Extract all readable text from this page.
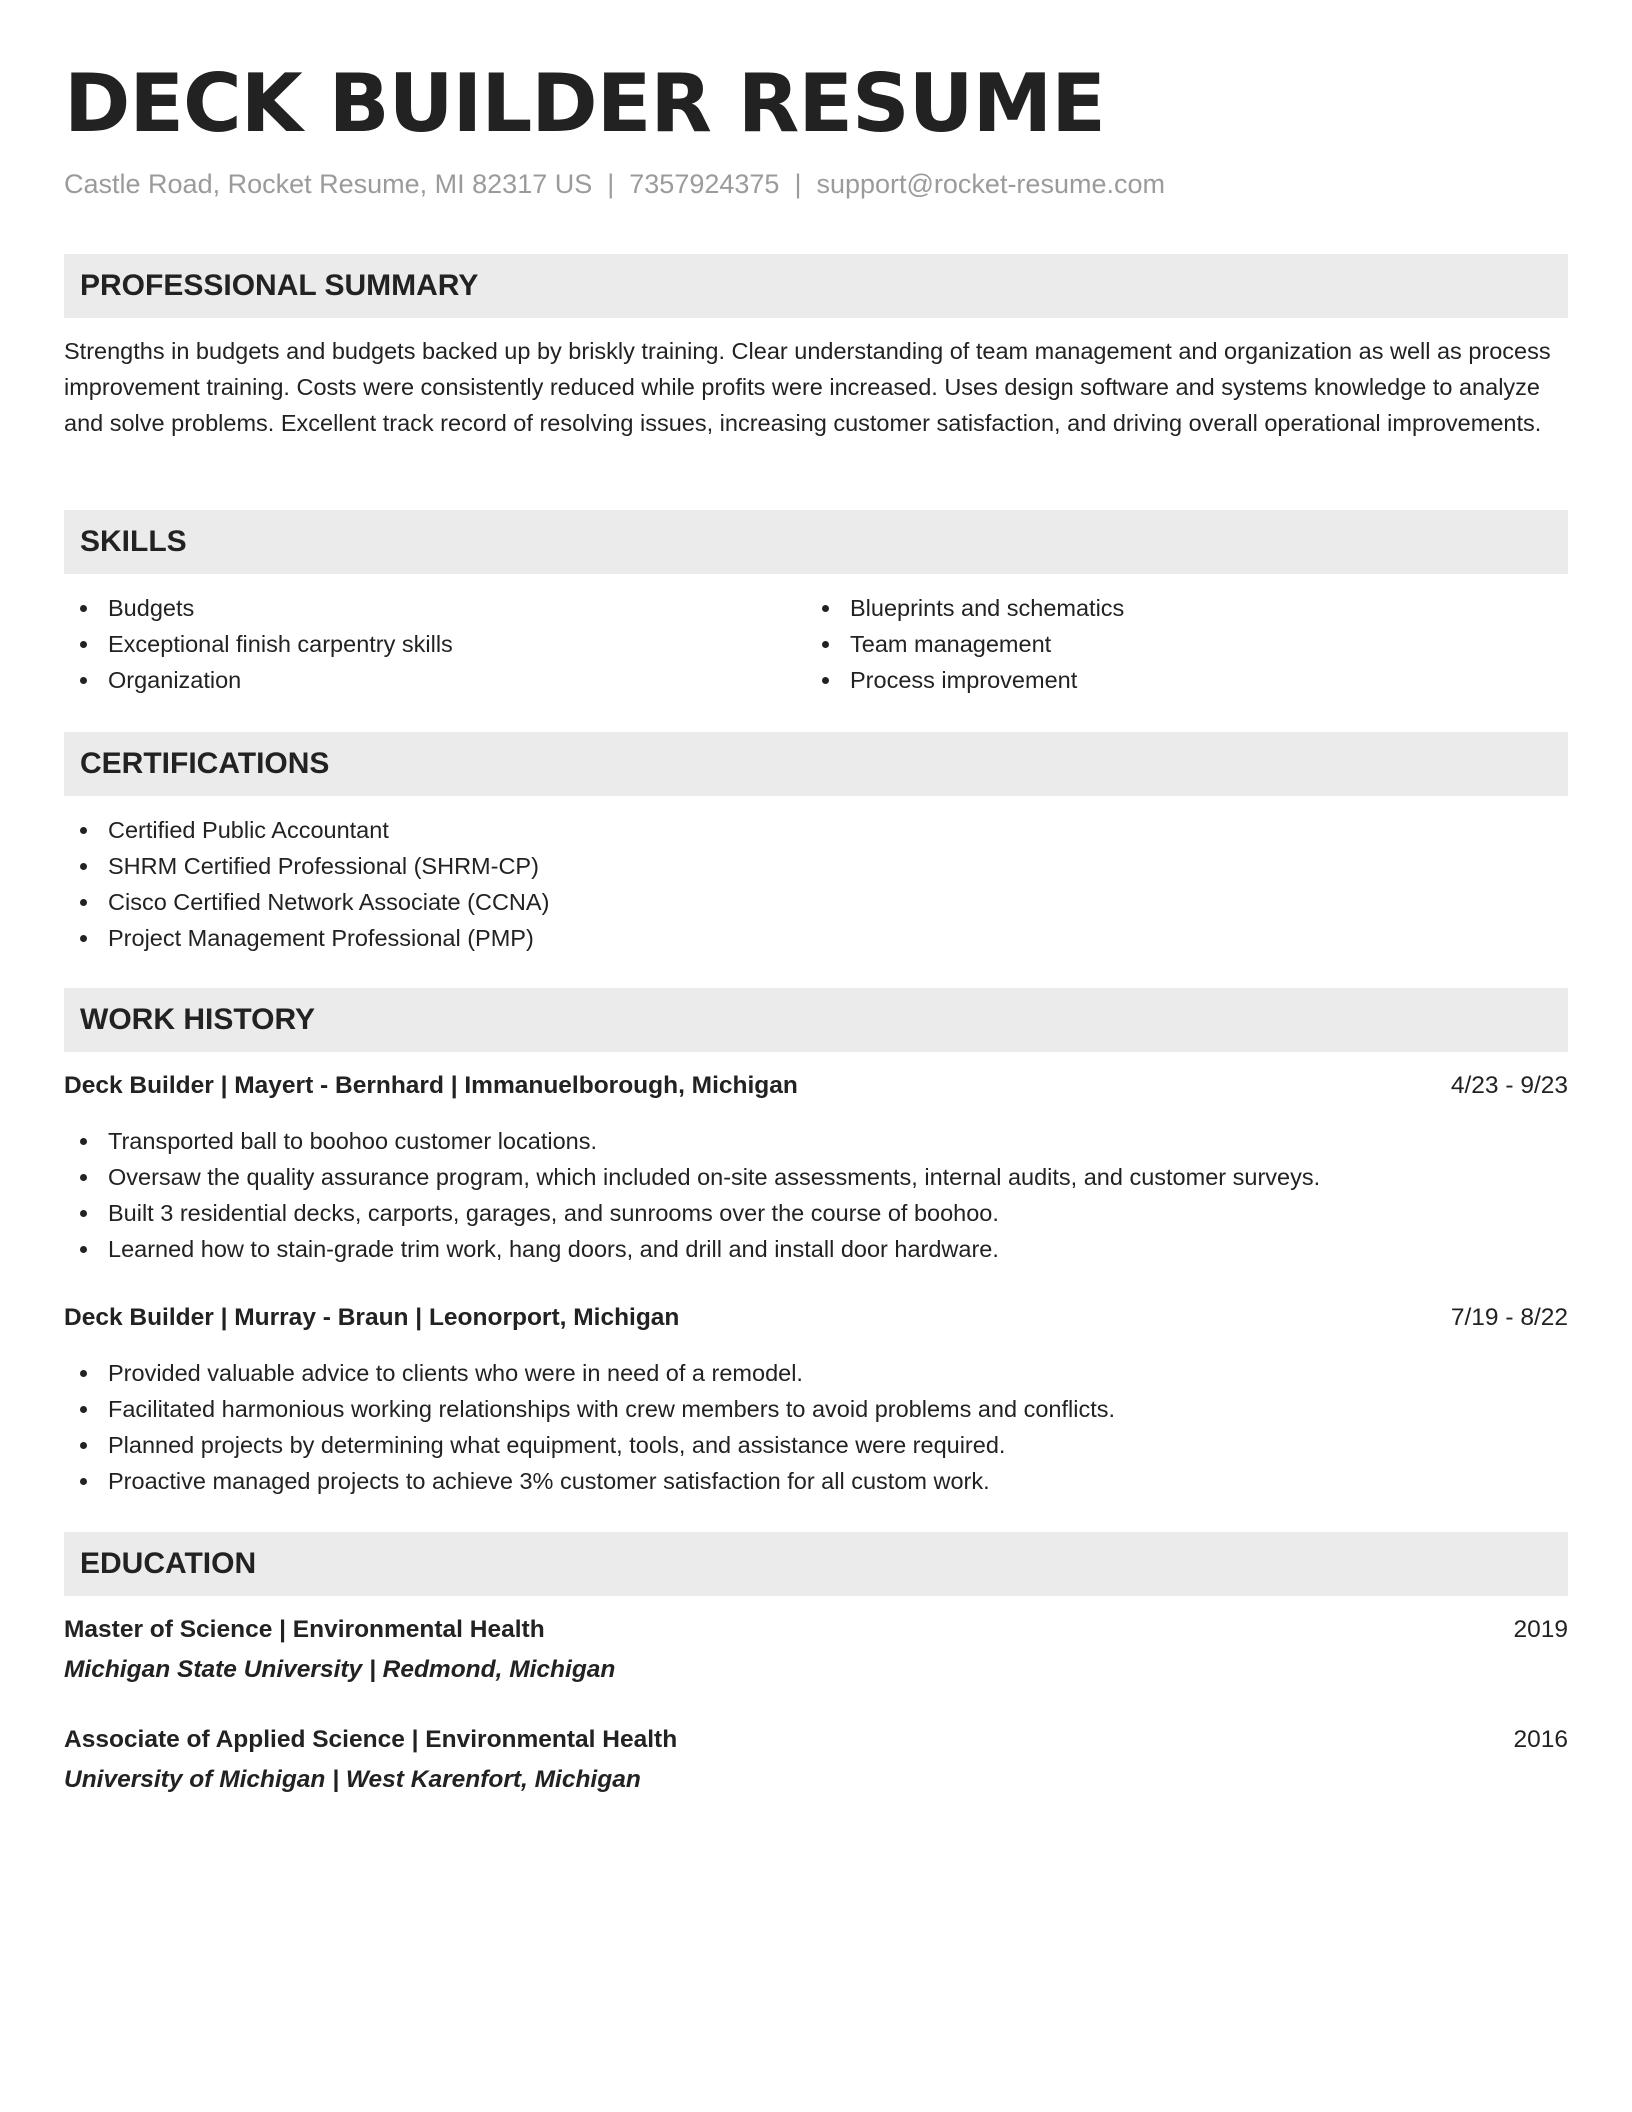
DECK BUILDER RESUME
Castle Road, Rocket Resume, MI 82317 US | 7357924375 | support@rocket-resume.com
PROFESSIONAL SUMMARY
Strengths in budgets and budgets backed up by briskly training. Clear understanding of team management and organization as well as process improvement training. Costs were consistently reduced while profits were increased. Uses design software and systems knowledge to analyze and solve problems. Excellent track record of resolving issues, increasing customer satisfaction, and driving overall operational improvements.
SKILLS
Budgets
Exceptional finish carpentry skills
Organization
Blueprints and schematics
Team management
Process improvement
CERTIFICATIONS
Certified Public Accountant
SHRM Certified Professional (SHRM-CP)
Cisco Certified Network Associate (CCNA)
Project Management Professional (PMP)
WORK HISTORY
Deck Builder | Mayert - Bernhard | Immanuelborough, Michigan	4/23 - 9/23
Transported ball to boohoo customer locations.
Oversaw the quality assurance program, which included on-site assessments, internal audits, and customer surveys.
Built 3 residential decks, carports, garages, and sunrooms over the course of boohoo.
Learned how to stain-grade trim work, hang doors, and drill and install door hardware.
Deck Builder | Murray - Braun | Leonorport, Michigan	7/19 - 8/22
Provided valuable advice to clients who were in need of a remodel.
Facilitated harmonious working relationships with crew members to avoid problems and conflicts.
Planned projects by determining what equipment, tools, and assistance were required.
Proactive managed projects to achieve 3% customer satisfaction for all custom work.
EDUCATION
Master of Science | Environmental Health	2019
Michigan State University | Redmond, Michigan
Associate of Applied Science | Environmental Health	2016
University of Michigan | West Karenfort, Michigan
